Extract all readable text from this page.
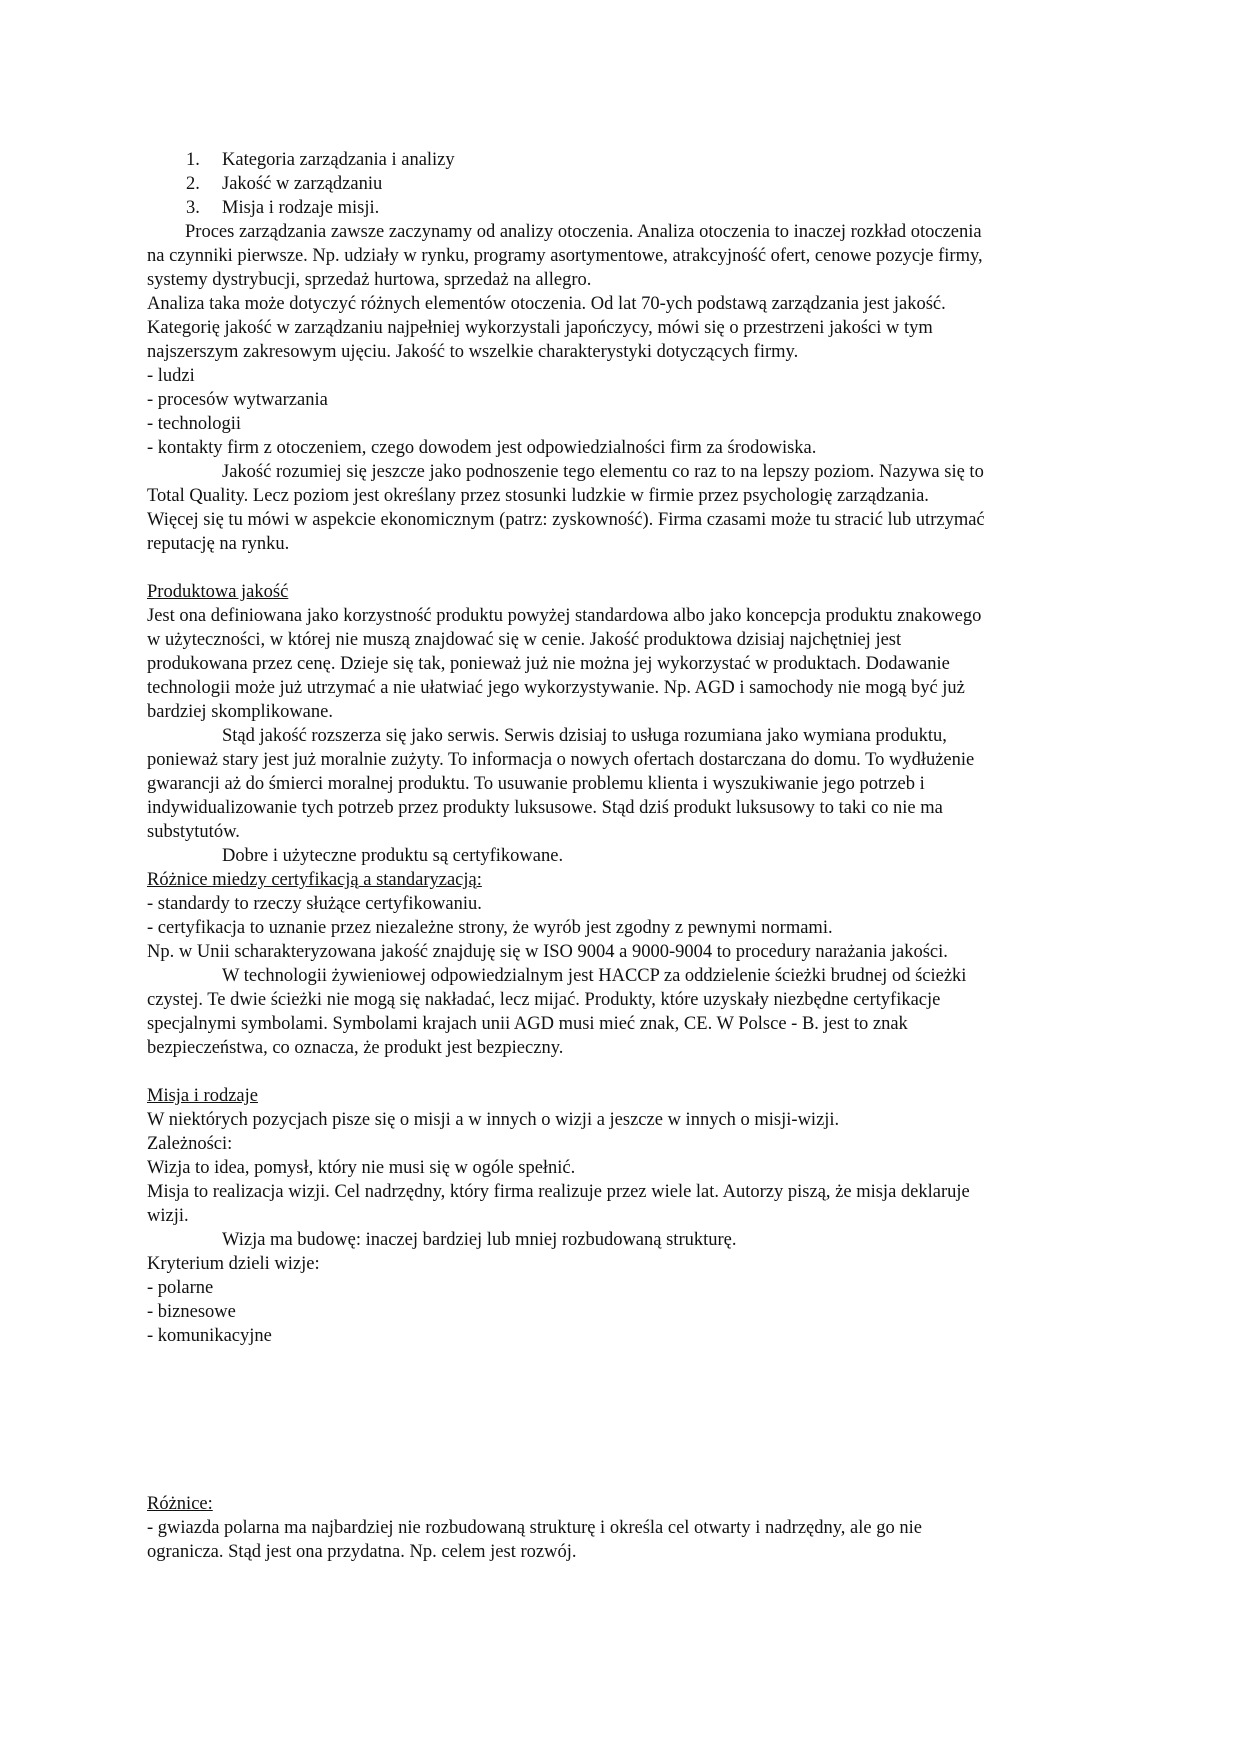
1. Kategoria zarządzania i analizy
2. Jakość w zarządzaniu
3. Misja i rodzaje misji.
Proces zarządzania zawsze zaczynamy od analizy otoczenia. Analiza otoczenia to inaczej rozkład otoczenia
na czynniki pierwsze. Np. udziały w rynku, programy asortymentowe, atrakcyjność ofert, cenowe pozycje firmy,
systemy dystrybucji, sprzedaż hurtowa, sprzedaż na allegro.
Analiza taka może dotyczyć różnych elementów otoczenia. Od lat 70-ych podstawą zarządzania jest jakość.
Kategorię jakość w zarządzaniu najpełniej wykorzystali japończycy, mówi się o przestrzeni jakości w tym
najszerszym zakresowym ujęciu. Jakość to wszelkie charakterystyki dotyczących firmy.
- ludzi
- procesów wytwarzania
- technologii
- kontakty firm z otoczeniem, czego dowodem jest odpowiedzialności firm za środowiska.
Jakość rozumiej się jeszcze jako podnoszenie tego elementu co raz to na lepszy poziom. Nazywa się to
Total Quality. Lecz poziom jest określany przez stosunki ludzkie w firmie przez psychologię zarządzania.
Więcej się tu mówi w aspekcie ekonomicznym (patrz: zyskowność). Firma czasami może tu stracić lub utrzymać
reputację na rynku.
Produktowa jakość
Jest ona definiowana jako korzystność produktu powyżej standardowa albo jako koncepcja produktu znakowego
w użyteczności, w której nie muszą znajdować się w cenie. Jakość produktowa dzisiaj najchętniej jest
produkowana przez cenę. Dzieje się tak, ponieważ już nie można jej wykorzystać w produktach. Dodawanie
technologii może już utrzymać a nie ułatwiać jego wykorzystywanie. Np. AGD i samochody nie mogą być już
bardziej skomplikowane.
Stąd jakość rozszerza się jako serwis. Serwis dzisiaj to usługa rozumiana jako wymiana produktu,
ponieważ stary jest już moralnie zużyty. To informacja o nowych ofertach dostarczana do domu. To wydłużenie
gwarancji aż do śmierci moralnej produktu. To usuwanie problemu klienta i wyszukiwanie jego potrzeb i
indywidualizowanie tych potrzeb przez produkty luksusowe. Stąd dziś produkt luksusowy to taki co nie ma
substytutów.
Dobre i użyteczne produktu są certyfikowane.
Różnice miedzy certyfikacją a standaryzacją:
- standardy to rzeczy służące certyfikowaniu.
- certyfikacja to uznanie przez niezależne strony, że wyrób jest zgodny z pewnymi normami.
Np. w Unii scharakteryzowana jakość znajduję się w ISO 9004 a 9000-9004 to procedury narażania jakości.
W technologii żywieniowej odpowiedzialnym jest HACCP za oddzielenie ścieżki brudnej od ścieżki
czystej. Te dwie ścieżki nie mogą się nakładać, lecz mijać. Produkty, które uzyskały niezbędne certyfikacje
specjalnymi symbolami. Symbolami krajach unii AGD musi mieć znak, CE. W Polsce - B. jest to znak
bezpieczeństwa, co oznacza, że produkt jest bezpieczny.
Misja i rodzaje
W niektórych pozycjach pisze się o misji a w innych o wizji a jeszcze w innych o misji-wizji.
Zależności:
Wizja to idea, pomysł, który nie musi się w ogóle spełnić.
Misja to realizacja wizji. Cel nadrzędny, który firma realizuje przez wiele lat. Autorzy piszą, że misja deklaruje
wizji.
Wizja ma budowę: inaczej bardziej lub mniej rozbudowaną strukturę.
Kryterium dzieli wizje:
- polarne
- biznesowe
- komunikacyjne
Różnice:
- gwiazda polarna ma najbardziej nie rozbudowaną strukturę i określa cel otwarty i nadrzędny, ale go nie
ogranicza. Stąd jest ona przydatna. Np. celem jest rozwój.
